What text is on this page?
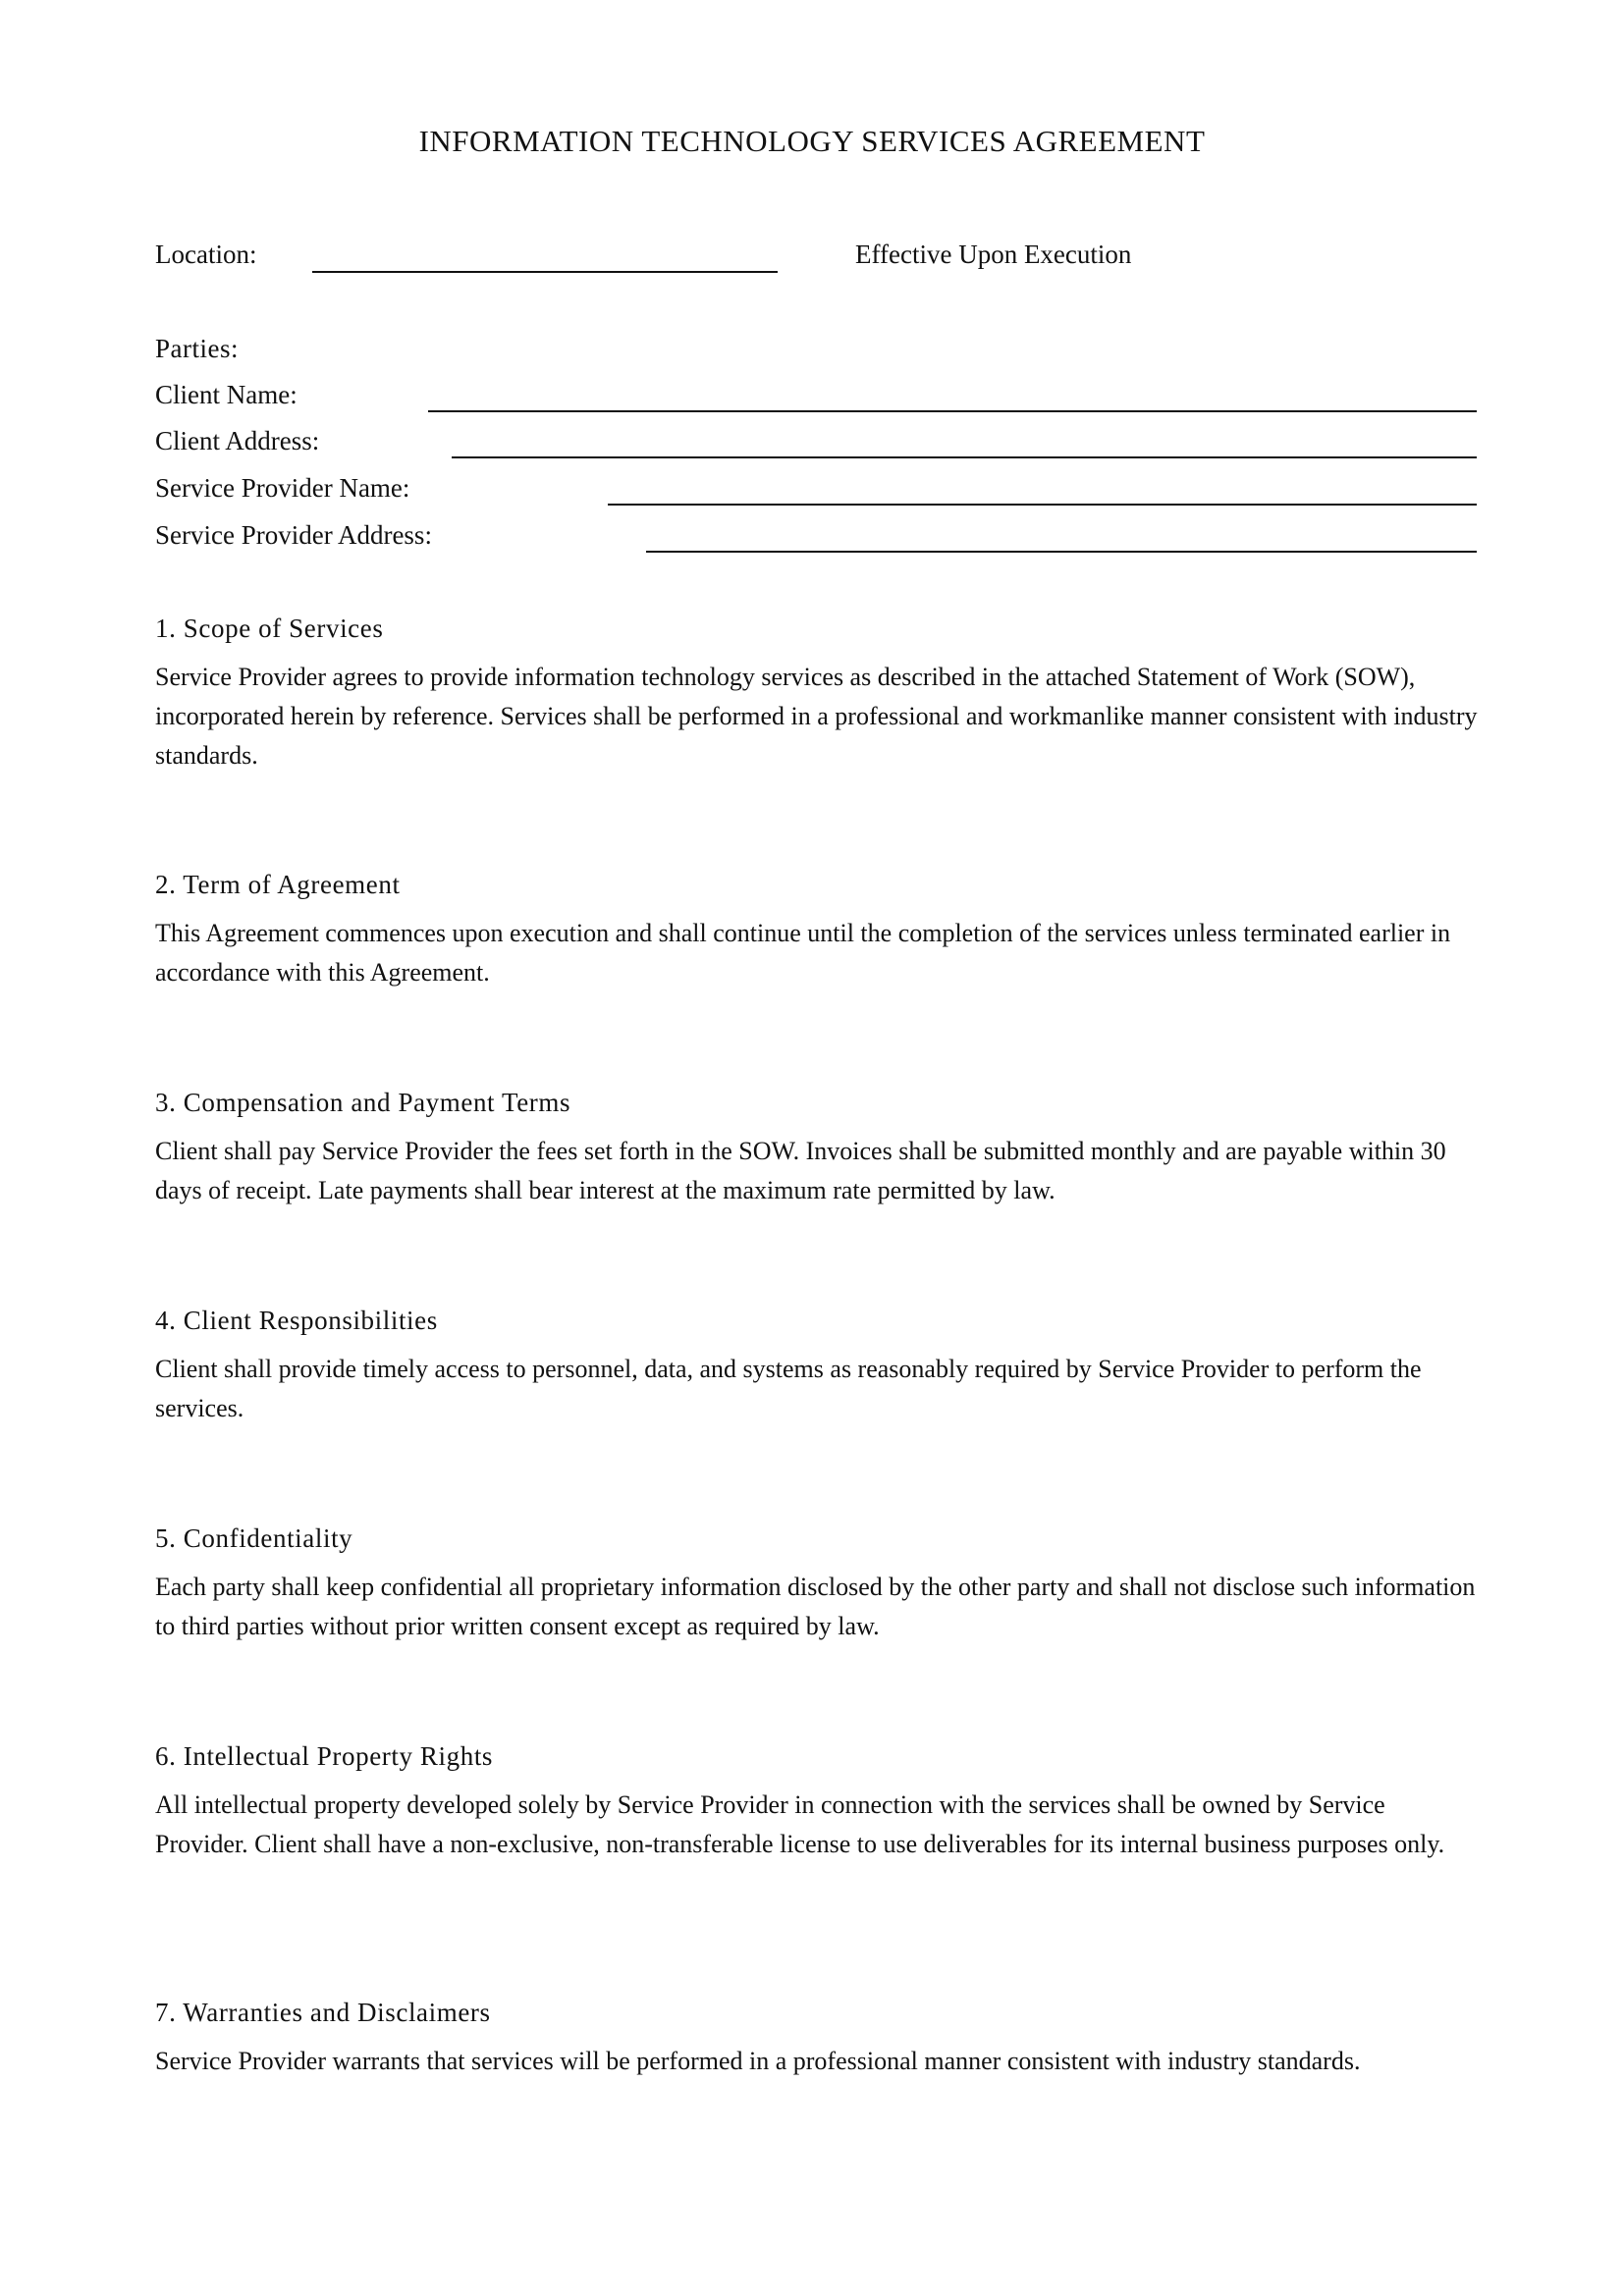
INFORMATION TECHNOLOGY SERVICES AGREEMENT
Location:	Effective Upon Execution
Parties:
Client Name:
Client Address:
Service Provider Name:
Service Provider Address:
1. Scope of Services

Service Provider agrees to provide information technology services as described in the attached Statement of Work (SOW), incorporated herein by reference. Services shall be performed in a professional and workmanlike manner consistent with industry standards.

2. Term of Agreement

This Agreement commences upon execution and shall continue until the completion of the services unless terminated earlier in accordance with this Agreement.

3. Compensation and Payment Terms

Client shall pay Service Provider the fees set forth in the SOW. Invoices shall be submitted monthly and are payable within 30 days of receipt. Late payments shall bear interest at the maximum rate permitted by law.

4. Client Responsibilities

Client shall provide timely access to personnel, data, and systems as reasonably required by Service Provider to perform the services.

5. Confidentiality

Each party shall keep confidential all proprietary information disclosed by the other party and shall not disclose such information to third parties without prior written consent except as required by law.

6. Intellectual Property Rights

All intellectual property developed solely by Service Provider in connection with the services shall be owned by Service Provider. Client shall have a non-exclusive, non-transferable license to use deliverables for its internal business purposes only.

7. Warranties and Disclaimers

Service Provider warrants that services will be performed in a professional manner consistent with industry standards.
